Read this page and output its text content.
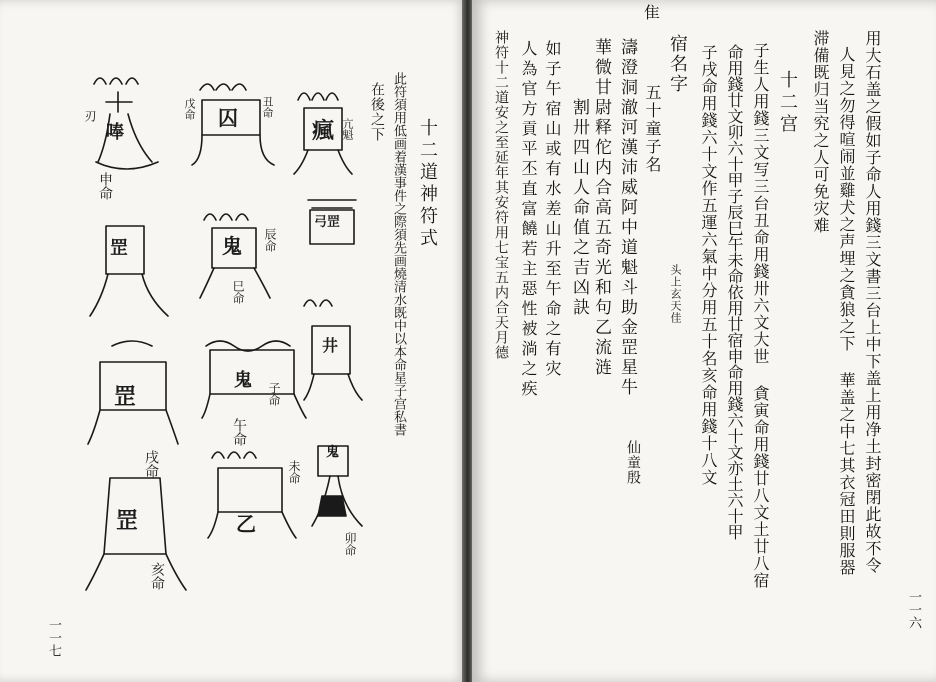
十二道神符式
此符須用低画着漢事件之際須先画燒清水既中以本命星子宫私書
在後之下
瘋 亢魁
囚 丑命
戊命
唪
刃
弓罡
申命
鬼 辰命
罡
巳命
井
戌命
鬼
午命
罡	子命
鬼
亥命
乙
未命
罡
卯命
一一七
隹
用大石盖之假如子命人用錢三文書三台上中下盖上用净土封密閉此故不令
人見之勿得喧闹並雞犬之声埋之貪狼之下 華盖之中七其衣冠田則服器
滞備既归当究之人可免灾难
十二宫
子生人用錢三文写三台丑命用錢卅六文大世 貪寅命用錢廿八文土廿八宿
命用錢廿文卯六十甲子辰巳午未命依用廿宿申命用錢六十文亦土六十甲
子戌命用錢六十文作五運六氣中分用五十名亥命用錢十八文
宿名字
五十童子名
濤澄洞澈河漢沛威阿中道魁斗助金罡星牛
華微甘尉释佗内合高五奇光和句乙流涟
割卅四山人命值之吉凶訣
如子午宿山或有水差山升至午命之有灾
人為官方貢平丕直富饒若主惡性被淌之疾
神符十二道安之至延年其安符用七宝五内合天月德	头上玄天佳
仙童殷
一一六
